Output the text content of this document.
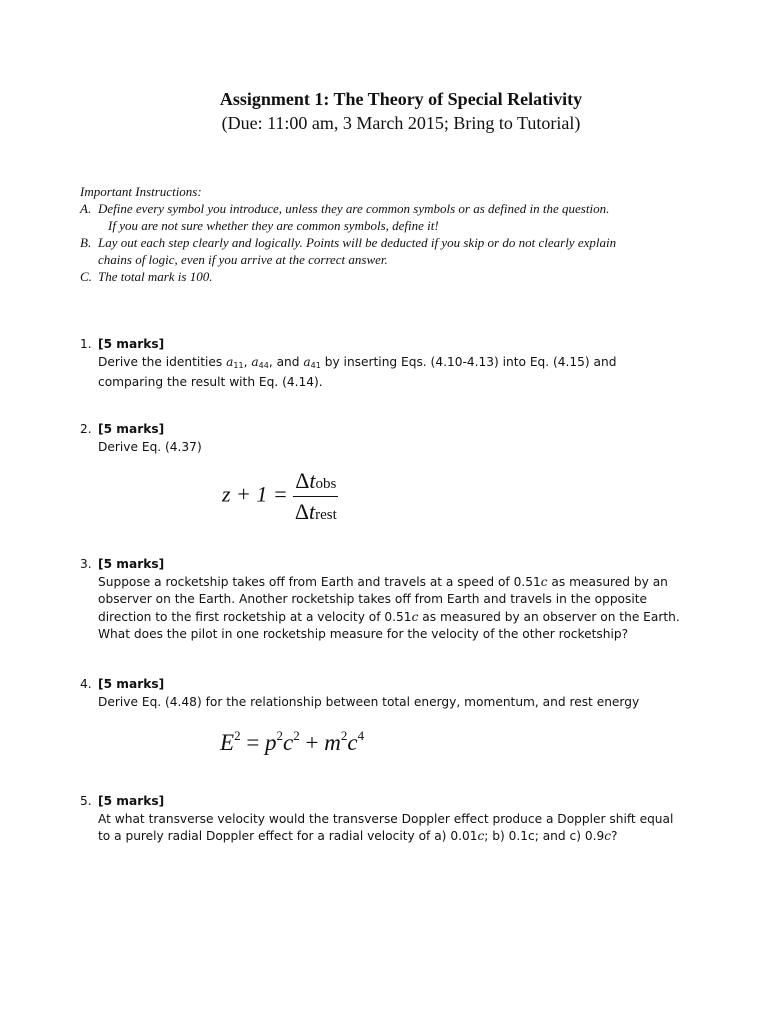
Assignment 1: The Theory of Special Relativity
(Due: 11:00 am, 3 March 2015; Bring to Tutorial)
Important Instructions:
A. Define every symbol you introduce, unless they are common symbols or as defined in the question.
If you are not sure whether they are common symbols, define it!
B. Lay out each step clearly and logically. Points will be deducted if you skip or do not clearly explain
chains of logic, even if you arrive at the correct answer.
C. The total mark is 100.
1. [5 marks]
Derive the identities $a_{11}$, $a_{44}$, and $a_{41}$ by inserting Eqs. (4.10-4.13) into Eq. (4.15) and
comparing the result with Eq. (4.14).
2. [5 marks]
Derive Eq. (4.37)
$z + 1 = \frac{\text{Δtobs}}{\text{Δtrest}}$
3. [5 marks]
Suppose a rocketship takes off from Earth and travels at a speed of 0.51c as measured by an
observer on the Earth. Another rocketship takes off from Earth and travels in the opposite
direction to the first rocketship at a velocity of 0.51c as measured by an observer on the Earth.
What does the pilot in one rocketship measure for the velocity of the other rocketship?
4. [5 marks]
Derive Eq. (4.48) for the relationship between total energy, momentum, and rest energy
$E^2 = p^2c^2 + m^2c^4$
5. [5 marks]
At what transverse velocity would the transverse Doppler effect produce a Doppler shift equal
to a purely radial Doppler effect for a radial velocity of a) 0.01c; b) 0.1c; and c) 0.9c?
